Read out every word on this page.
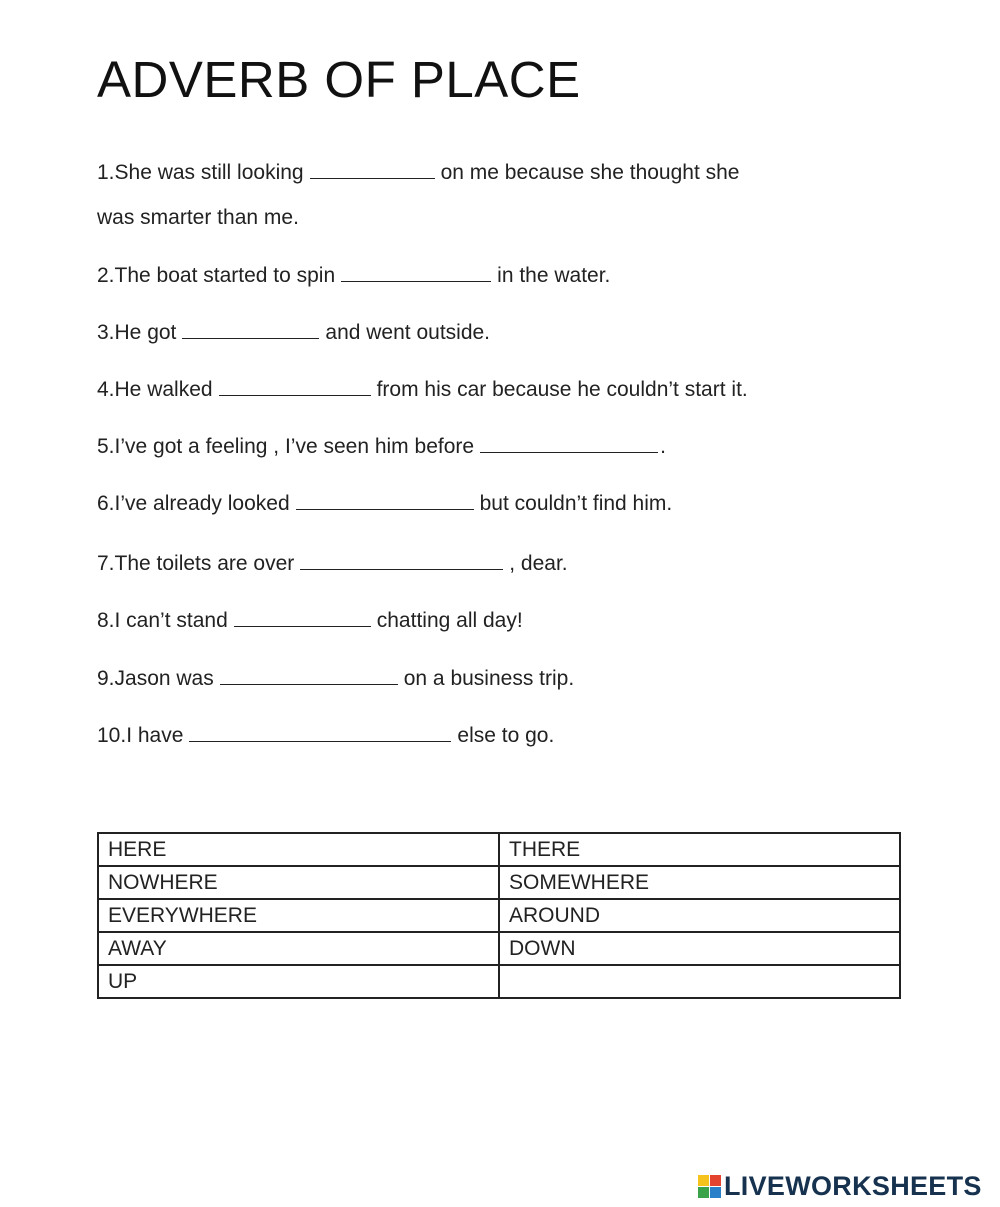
ADVERB OF PLACE
1.She was still looking	on me because she thought she
was smarter than me.
2.The boat started to spin	in the water.
3.He got	and went outside.
4.He walked	from his car because he couldn’t start it.
5.I’ve got a feeling , I’ve seen him before	.
6.I’ve already looked	but couldn’t find him.
7.The toilets are over	, dear.
8.I can’t stand	chatting all day!
9.Jason was	on a business trip.
10.I have	else to go.
HERE	THERE
NOWHERE	SOMEWHERE
EVERYWHERE	AROUND
AWAY	DOWN
UP	
LIVEWORKSHEETS
